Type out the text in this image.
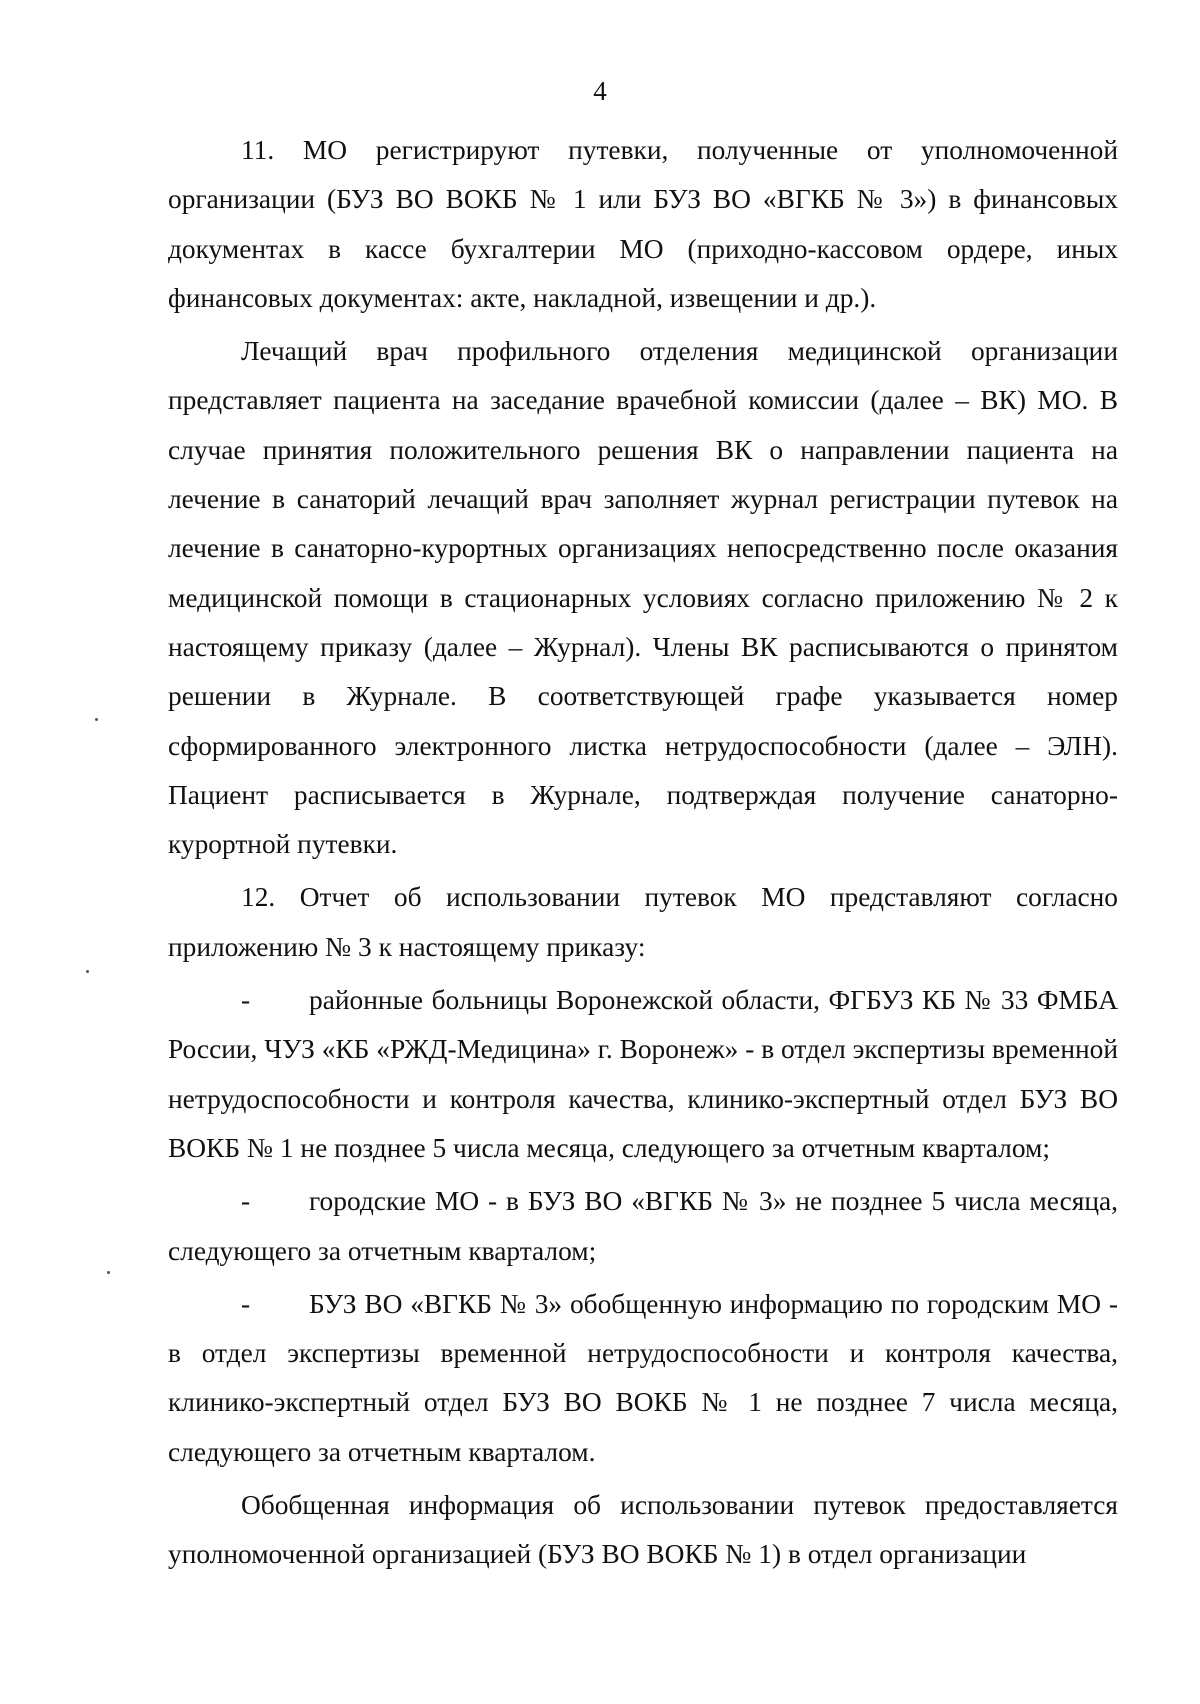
4

11. МО регистрируют путевки, полученные от уполномоченной организации (БУЗ ВО ВОКБ № 1 или БУЗ ВО «ВГКБ № 3») в финансовых документах в кассе бухгалтерии МО (приходно-кассовом ордере, иных финансовых документах: акте, накладной, извещении и др.).

Лечащий врач профильного отделения медицинской организации представляет пациента на заседание врачебной комиссии (далее – ВК) МО. В случае принятия положительного решения ВК о направлении пациента на лечение в санаторий лечащий врач заполняет журнал регистрации путевок на лечение в санаторно-курортных организациях непосредственно после оказания медицинской помощи в стационарных условиях согласно приложению № 2 к настоящему приказу (далее – Журнал). Члены ВК расписываются о принятом решении в Журнале. В соответствующей графе указывается номер сформированного электронного листка нетрудоспособности (далее – ЭЛН). Пациент расписывается в Журнале, подтверждая получение санаторно-курортной путевки.

12. Отчет об использовании путевок МО представляют согласно приложению № 3 к настоящему приказу:

- районные больницы Воронежской области, ФГБУЗ КБ № 33 ФМБА России, ЧУЗ «КБ «РЖД-Медицина» г. Воронеж» - в отдел экспертизы временной нетрудоспособности и контроля качества, клинико-экспертный отдел БУЗ ВО ВОКБ № 1 не позднее 5 числа месяца, следующего за отчетным кварталом;

- городские МО - в БУЗ ВО «ВГКБ № 3» не позднее 5 числа месяца, следующего за отчетным кварталом;

- БУЗ ВО «ВГКБ № 3» обобщенную информацию по городским МО - в отдел экспертизы временной нетрудоспособности и контроля качества, клинико-экспертный отдел БУЗ ВО ВОКБ № 1 не позднее 7 числа месяца, следующего за отчетным кварталом.

Обобщенная информация об использовании путевок предоставляется уполномоченной организацией (БУЗ ВО ВОКБ № 1) в отдел организации
